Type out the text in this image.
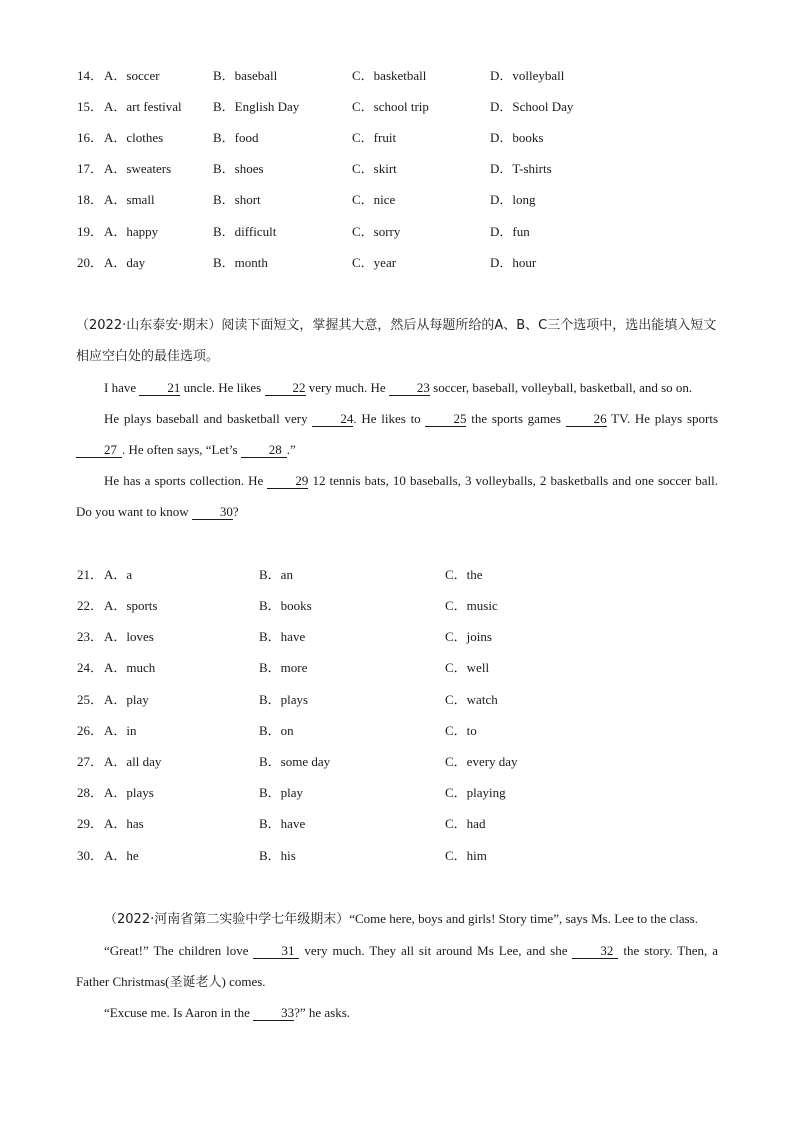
14． A．soccer	B．baseball	C．basketball	D．volleyball
15． A．art festival B．English Day	C．school trip	D．School Day
16． A．clothes	B．food	C．fruit	D．books
17． A．sweaters	B．shoes	C．skirt	D．T-shirts
18． A．small	B．short	C．nice	D．long
19． A．happy	B．difficult	C．sorry	D．fun
20． A．day	B．month	C．year	D．hour

（2022·山东泰安·期末）阅读下面短文，掌握其大意，然后从每题所给的A、B、C三个选项中，选出能填入短文相应空白处的最佳选项。

I have 21 uncle. He likes 22 very much. He 23 soccer, baseball, volleyball, basketball, and so on.

He plays baseball and basketball very 24. He likes to 25 the sports games 26 TV. He plays sports 27 . He often says, “Let’s 28 .”

He has a sports collection. He 29 12 tennis bats, 10 baseballs, 3 volleyballs, 2 basketballs and one soccer ball. Do you want to know 30?

21． A．a	B．an	C．the
22． A．sports	B．books	C．music
23． A．loves	B．have	C．joins
24． A．much	B．more	C．well
25． A．play	B．plays	C．watch
26． A．in	B．on	C．to
27． A．all day	B．some day	C．every day
28． A．plays	B．play	C．playing
29． A．has	B．have	C．had
30． A．he	B．his	C．him

（2022·河南省第二实验中学七年级期末）“Come here, boys and girls! Story time”, says Ms. Lee to the class.

“Great!” The children love 31 very much. They all sit around Ms Lee, and she 32 the story. Then, a Father Christmas(圣诞老人) comes.

“Excuse me. Is Aaron in the 33?” he asks.
